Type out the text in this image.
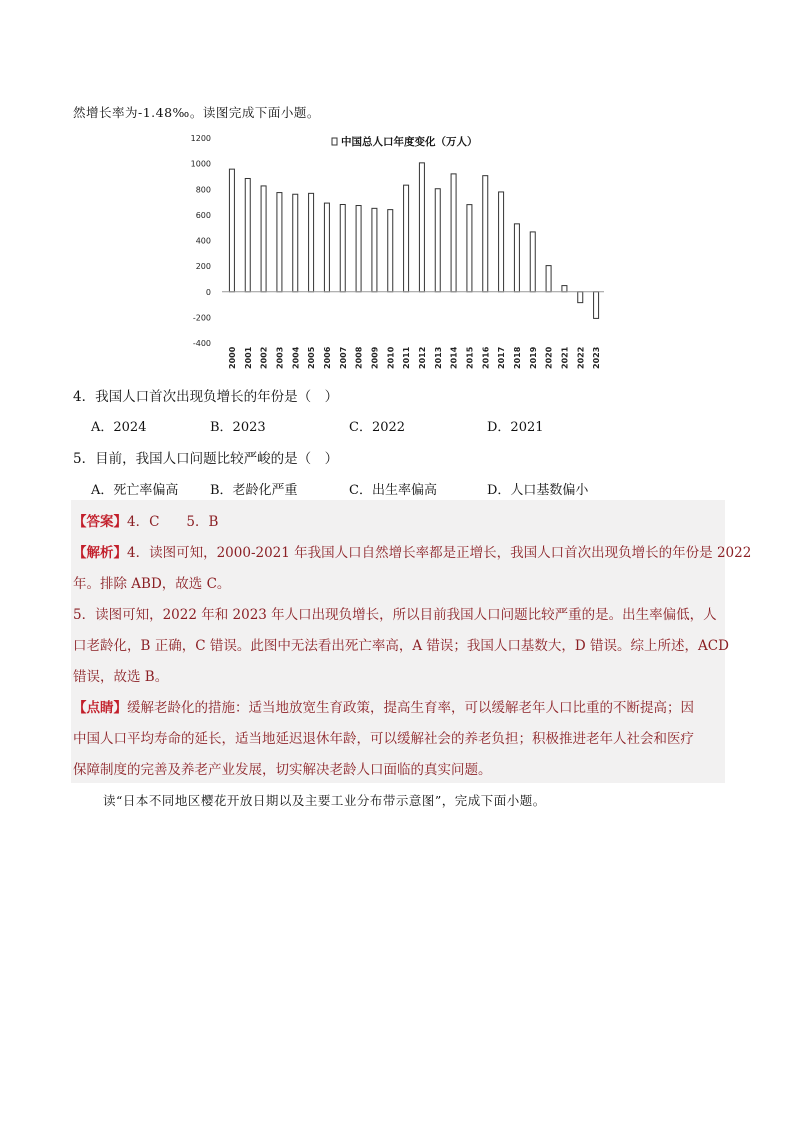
然增长率为-1.48‰。读图完成下面小题。
中国总人口年度变化（万人）
1200
1000
800
600
400
200
0
-200
-400
2000 2001 2002 2003 2004 2005 2006 2007 2008 2009 2010 2011 2012 2013 2014 2015 2016 2017 2018 2019 2020 2021 2022 2023
4．我国人口首次出现负增长的年份是（　）
A．2024	B．2023	C．2022	D．2021
5．目前，我国人口问题比较严峻的是（　）
A．死亡率偏高 B．老龄化严重	C．出生率偏高	D．人口基数偏小
【答案】4．C　　5．B
【解析】4．读图可知，2000-2021 年我国人口自然增长率都是正增长，我国人口首次出现负增长的年份是 2022
年。排除 ABD，故选 C。
5．读图可知，2022 年和 2023 年人口出现负增长，所以目前我国人口问题比较严重的是。出生率偏低，人
口老龄化，B 正确，C 错误。此图中无法看出死亡率高，A 错误；我国人口基数大，D 错误。综上所述，ACD
错误，故选 B。
【点睛】缓解老龄化的措施：适当地放宽生育政策，提高生育率，可以缓解老年人口比重的不断提高；因
中国人口平均寿命的延长，适当地延迟退休年龄，可以缓解社会的养老负担；积极推进老年人社会和医疗
保障制度的完善及养老产业发展，切实解决老龄人口面临的真实问题。
读“日本不同地区樱花开放日期以及主要工业分布带示意图”，完成下面小题。
